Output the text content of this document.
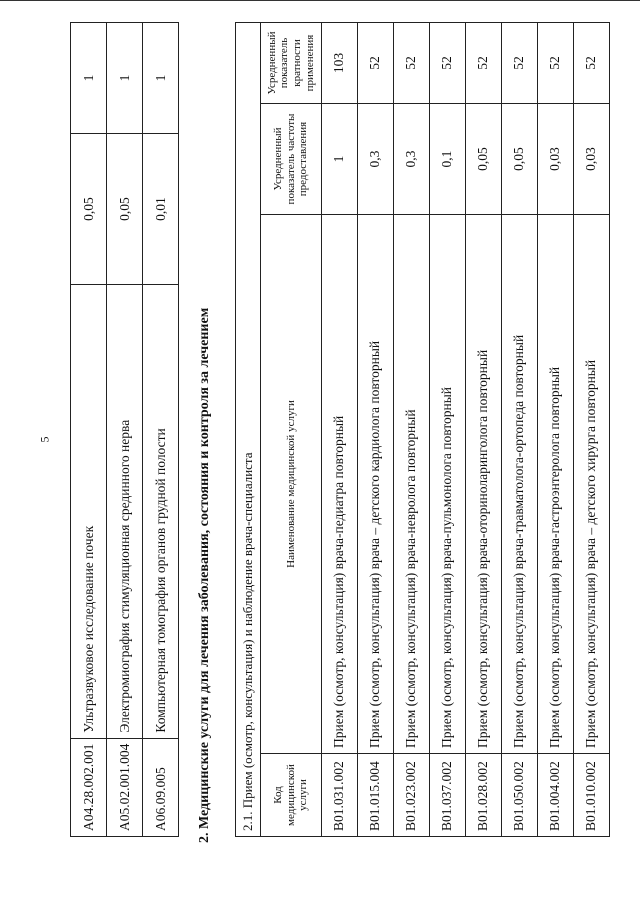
5
A04.28.002.001	Ультразвуковое исследование почек	0,05	1
A05.02.001.004	Электромиография стимуляционная срединного нерва	0,05	1
A06.09.005	Компьютерная томография органов грудной полости	0,01	1
2. Медицинские услуги для лечения заболевания, состояния и контроля за лечением 2.1. Прием (осмотр, консультация) и наблюдение врача-специалиста			
Код медицинской услуги	Наименование медицинской услуги	Усредненный показатель частоты предоставления	Усредненный показатель кратности применения
B01.031.002	Прием (осмотр, консультация) врача-педиатра повторный	1	103
B01.015.004	Прием (осмотр, консультация) врача – детского кардиолога повторный	0,3	52
B01.023.002	Прием (осмотр, консультация) врача-невролога повторный	0,3	52
B01.037.002	Прием (осмотр, консультация) врача-пульмонолога повторный	0,1	52
B01.028.002	Прием (осмотр, консультация) врача-оториноларинголога повторный	0,05	52
B01.050.002	Прием (осмотр, консультация) врача-травматолога-ортопеда повторный	0,05	52
B01.004.002	Прием (осмотр, консультация) врача-гастроэнтеролога повторный	0,03	52
B01.010.002	Прием (осмотр, консультация) врача – детского хирурга повторный	0,03	52
